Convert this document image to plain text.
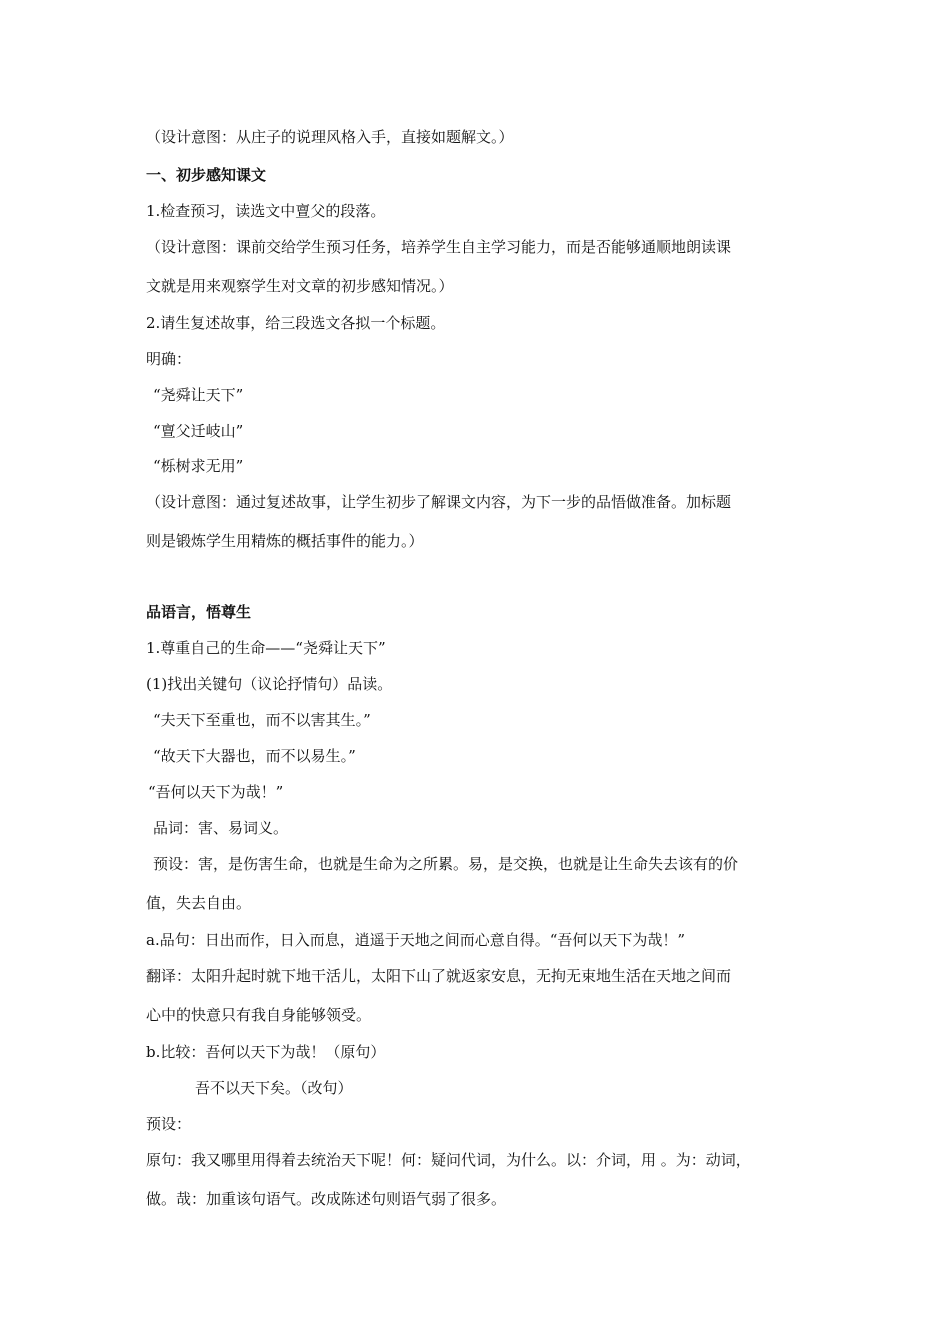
（设计意图：从庄子的说理风格入手，直接如题解文。）
一、初步感知课文
1.检查预习，读选文中亶父的段落。
（设计意图：课前交给学生预习任务，培养学生自主学习能力，而是否能够通顺地朗读课
文就是用来观察学生对文章的初步感知情况。）
2.请生复述故事，给三段选文各拟一个标题。
明确：
“尧舜让天下”
“亶父迁岐山”
“栎树求无用”
（设计意图：通过复述故事，让学生初步了解课文内容，为下一步的品悟做准备。加标题
则是锻炼学生用精炼的概括事件的能力。）
品语言，悟尊生
1.尊重自己的生命——“尧舜让天下”
(1)找出关键句（议论抒情句）品读。
“夫天下至重也，而不以害其生。”
“故天下大器也，而不以易生。”
“吾何以天下为哉！”
品词：害、易词义。
预设：害，是伤害生命，也就是生命为之所累。易，是交换，也就是让生命失去该有的价
值，失去自由。
a.品句：日出而作，日入而息，逍遥于天地之间而心意自得。“吾何以天下为哉！”
翻译：太阳升起时就下地干活儿，太阳下山了就返家安息，无拘无束地生活在天地之间而
心中的快意只有我自身能够领受。
b.比较：吾何以天下为哉！（原句）
吾不以天下矣。（改句）
预设：
原句：我又哪里用得着去统治天下呢！何：疑问代词，为什么。以：介词，用 。为：动词，
做。哉：加重该句语气。改成陈述句则语气弱了很多。
